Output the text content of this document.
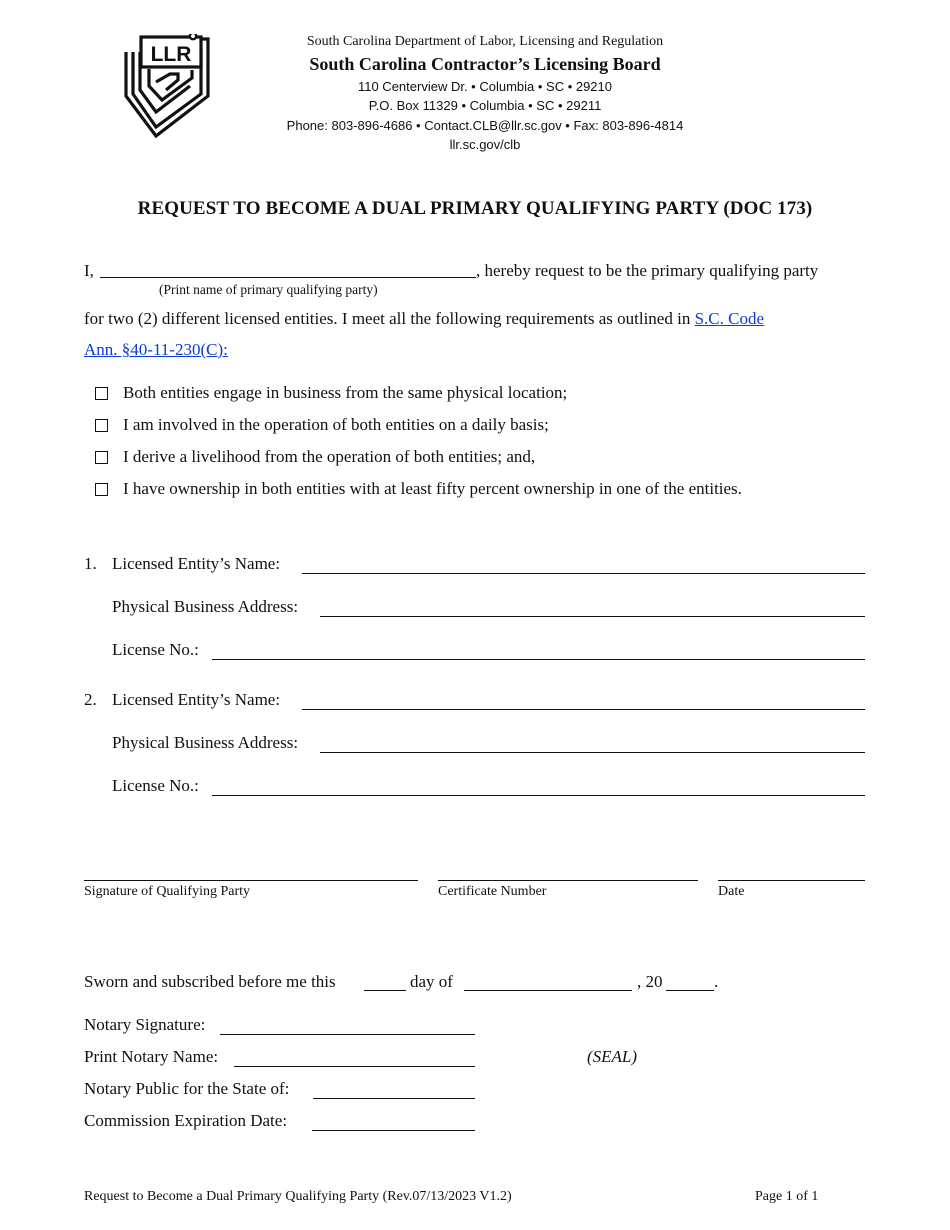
LLR
South Carolina Department of Labor, Licensing and Regulation
South Carolina Contractor’s Licensing Board
110 Centerview Dr. • Columbia • SC • 29210
P.O. Box 11329 • Columbia • SC • 29211
Phone: 803-896-4686 • Contact.CLB@llr.sc.gov • Fax: 803-896-4814
llr.sc.gov/clb
REQUEST TO BECOME A DUAL PRIMARY QUALIFYING PARTY (DOC 173)
I,	, hereby request to be the primary qualifying party
(Print name of primary qualifying party)
for two (2) different licensed entities. I meet all the following requirements as outlined in S.C. Code
Ann. §40-11-230(C):
Both entities engage in business from the same physical location;
I am involved in the operation of both entities on a daily basis;
I derive a livelihood from the operation of both entities; and,
I have ownership in both entities with at least fifty percent ownership in one of the entities.
1. Licensed Entity’s Name:
Physical Business Address:
License No.:
2. Licensed Entity’s Name:
Physical Business Address:
License No.:
Signature of Qualifying Party	Certificate Number	Date
Sworn and subscribed before me this	day of	, 20	.
Notary Signature:
Print Notary Name:	(SEAL)
Notary Public for the State of:
Commission Expiration Date:
Request to Become a Dual Primary Qualifying Party (Rev.07/13/2023 V1.2)	Page 1 of 1
